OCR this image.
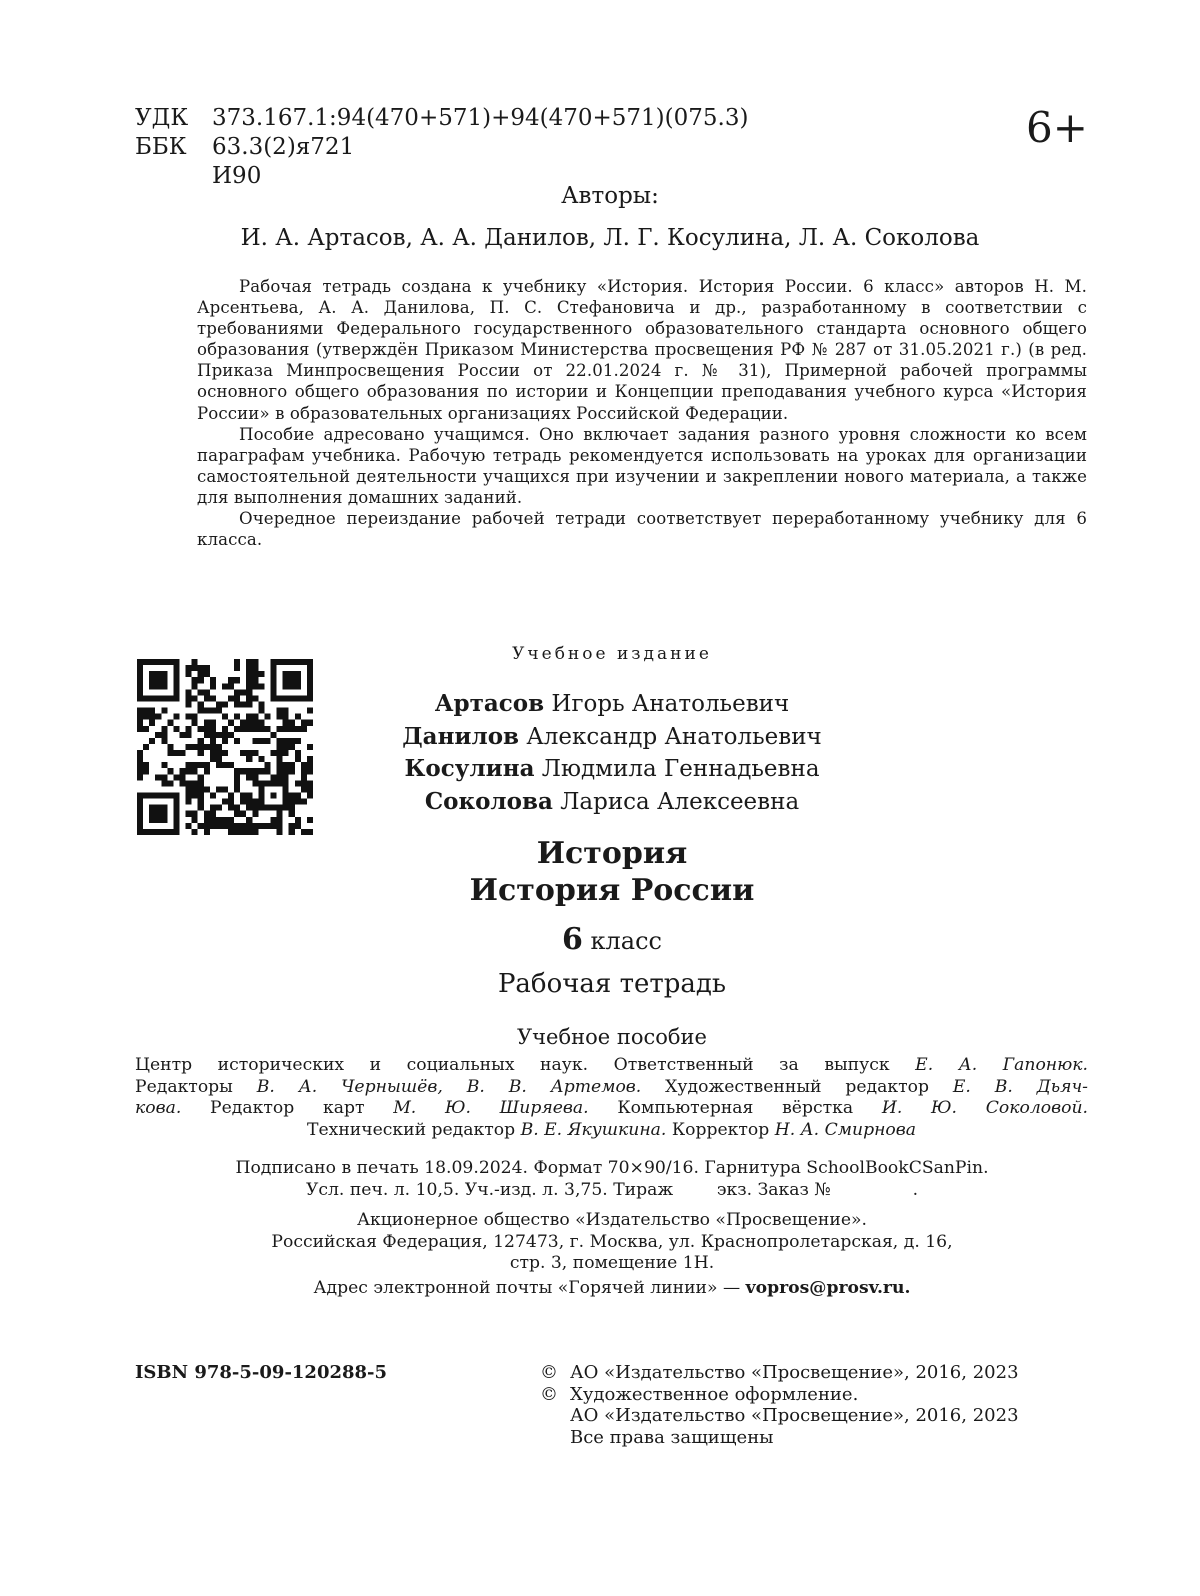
УДК	373.167.1:94(470+571)+94(470+571)(075.3)
ББК	63.3(2)я721
И90
6+
Авторы:
И. А. Артасов, А. А. Данилов, Л. Г. Косулина, Л. А. Соколова

Рабочая тетрадь создана к учебнику «История. История России. 6 класс» авторов Н. М. Арсентьева, А. А. Данилова, П. С. Стефановича и др., разработанному в соответствии с требованиями Федерального государственного образовательного стандарта основного общего образования (утверждён Приказом Министерства просвещения РФ № 287 от 31.05.2021 г.) (в ред. Приказа Минпросвещения России от 22.01.2024 г. № 31), Примерной рабочей программы основного общего образования по истории и Концепции преподавания учебного курса «История России» в образовательных организациях Российской Федерации.

Пособие адресовано учащимся. Оно включает задания разного уровня сложности ко всем параграфам учебника. Рабочую тетрадь рекомендуется использовать на уроках для организации самостоятельной деятельности учащихся при изучении и закреплении нового материала, а также для выполнения домашних заданий.

Очередное переиздание рабочей тетради соответствует переработанному учебнику для 6 класса.

Учебное издание
Артасов Игорь Анатольевич
Данилов Александр Анатольевич
Косулина Людмила Геннадьевна
Соколова Лариса Алексеевна
История
История России
6 класс
Рабочая тетрадь
Учебное пособие

Центр исторических и социальных наук. Ответственный за выпуск Е. А. Гапонюк.

Редакторы В. А. Чернышёв, В. В. Артемов. Художественный редактор Е. В. Дьяч-

кова. Редактор карт М. Ю. Ширяева. Компьютерная вёрстка И. Ю. Соколовой.

Технический редактор В. Е. Якушкина. Корректор Н. А. Смирнова

Подписано в печать 18.09.2024. Формат 70×90/16. Гарнитура SchoolBookCSanPin.
Усл. печ. л. 10,5. Уч.-изд. л. 3,75. Тираж        экз. Заказ №               .
Акционерное общество «Издательство «Просвещение».
Российская Федерация, 127473, г. Москва, ул. Краснопролетарская, д. 16,
стр. 3, помещение 1Н.
Адрес электронной почты «Горячей линии» — vopros@prosv.ru.
ISBN 978-5-09-120288-5	© АО «Издательство «Просвещение», 2016, 2023
© Художественное оформление.
АО «Издательство «Просвещение», 2016, 2023
Все права защищены
